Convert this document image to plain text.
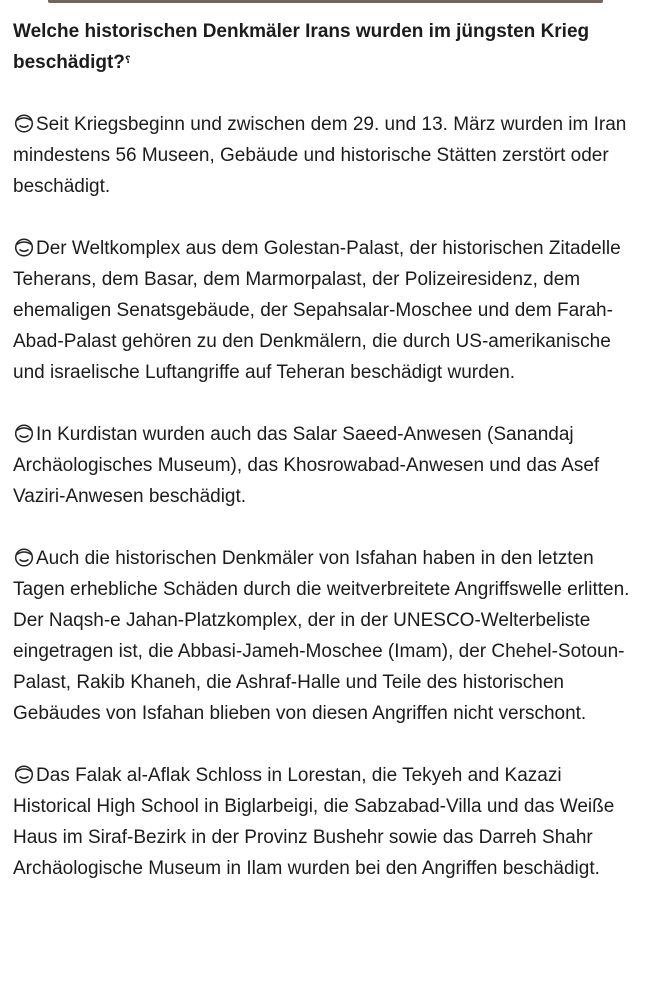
Welche historischen Denkmäler Irans wurden im jüngsten Krieg beschädigt?؟
Seit Kriegsbeginn und zwischen dem 29. und 13. März wurden im Iran mindestens 56 Museen, Gebäude und historische Stätten zerstört oder beschädigt.
Der Weltkomplex aus dem Golestan-Palast, der historischen Zitadelle Teherans, dem Basar, dem Marmorpalast, der Polizeiresidenz, dem ehemaligen Senatsgebäude, der Sepahsalar-Moschee und dem Farah-Abad-Palast gehören zu den Denkmälern, die durch US-amerikanische und israelische Luftangriffe auf Teheran beschädigt wurden.
In Kurdistan wurden auch das Salar Saeed-Anwesen (Sanandaj Archäologisches Museum), das Khosrowabad-Anwesen und das Asef Vaziri-Anwesen beschädigt.
Auch die historischen Denkmäler von Isfahan haben in den letzten Tagen erhebliche Schäden durch die weitverbreitete Angriffswelle erlitten. Der Naqsh-e Jahan-Platzkomplex, der in der UNESCO-Welterbeliste eingetragen ist, die Abbasi-Jameh-Moschee (Imam), der Chehel-Sotoun-Palast, Rakib Khaneh, die Ashraf-Halle und Teile des historischen Gebäudes von Isfahan blieben von diesen Angriffen nicht verschont.
Das Falak al-Aflak Schloss in Lorestan, die Tekyeh and Kazazi Historical High School in Biglarbeigi, die Sabzabad-Villa und das Weiße Haus im Siraf-Bezirk in der Provinz Bushehr sowie das Darreh Shahr Archäologische Museum in Ilam wurden bei den Angriffen beschädigt.
